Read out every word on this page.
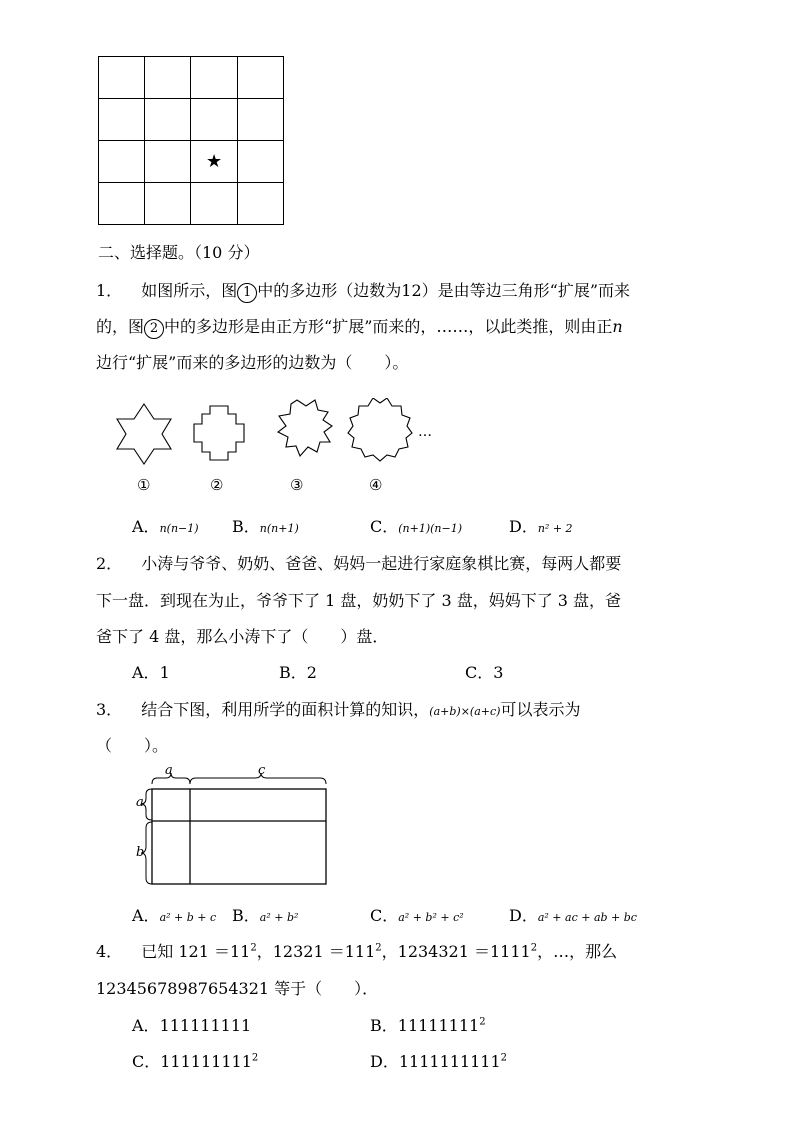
		★	

二、选择题。（10 分）
1． 如图所示，图 1 中的多边形（边数为12）是由等边三角形“扩展”而来
的，图 2 中的多边形是由正方形“扩展”而来的，……，以此类推，则由正n
边行“扩展”而来的多边形的边数为（　　）。
…
①	②	③	④
A．n(n−1) B．n(n+1)	C．(n+1)(n−1)	D．n² + 2
2． 小涛与爷爷、奶奶、爸爸、妈妈一起进行家庭象棋比赛，每两人都要
下一盘．到现在为止，爷爷下了 1 盘，奶奶下了 3 盘，妈妈下了 3 盘，爸
爸下了 4 盘，那么小涛下了（　　）盘．
A．1	B．2	C．3
3． 结合下图，利用所学的面积计算的知识，(a+b)×(a+c)可以表示为
（　　）。
a	c
a
b
A．a² + b + c B．a² + b²	C．a² + b² + c²	D．a² + ac + ab + bc
4． 已知 $121 =11^2$，$12321 =111^2$，$1234321 =1111^2$，…，那么
12345678987654321 等于（　　）．
A．111111111	B．11111111$^2$
C．111111111$^2$	D．1111111111$^2$
